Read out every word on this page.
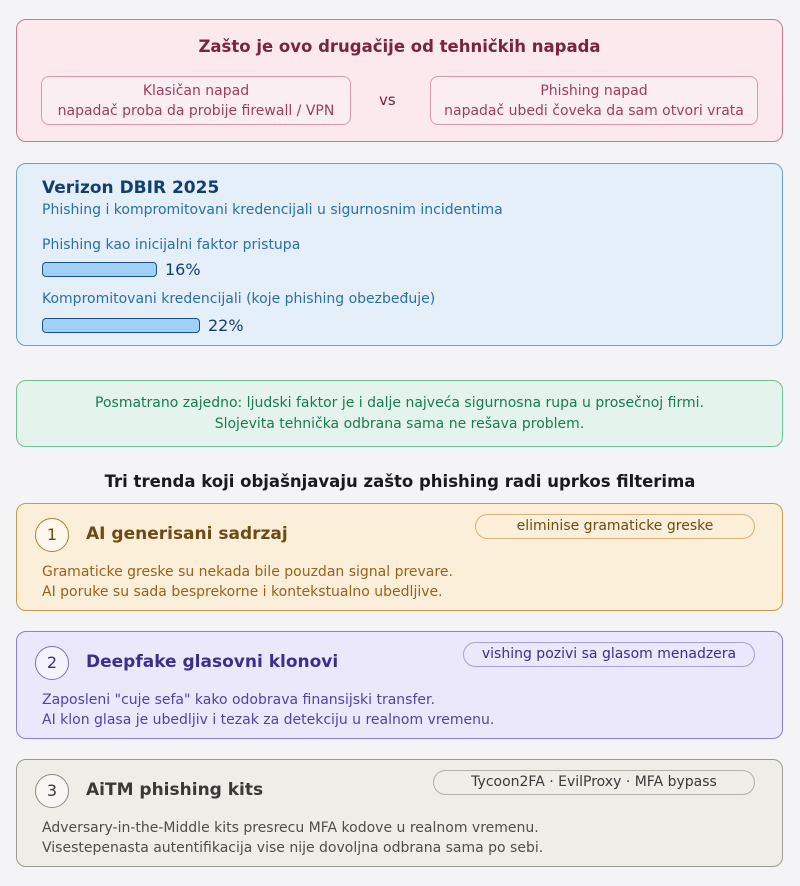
Zašto je ovo drugačije od tehničkih napada
Klasičan napad
napadač proba da probije firewall / VPN
vs	Phishing napad
napadač ubedi čoveka da sam otvori vrata
Verizon DBIR 2025
Phishing i kompromitovani kredencijali u sigurnosnim incidentima
Phishing kao inicijalni faktor pristupa
16%
Kompromitovani kredencijali (koje phishing obezbeđuje)
22%
Posmatrano zajedno: ljudski faktor je i dalje najveća sigurnosna rupa u prosečnoj firmi.
Slojevita tehnička odbrana sama ne rešava problem.
Tri trenda koji objašnjavaju zašto phishing radi uprkos filterima
1	AI generisani sadrzaj	eliminise gramaticke greske
Gramaticke greske su nekada bile pouzdan signal prevare.
AI poruke su sada besprekorne i kontekstualno ubedljive.
2	Deepfake glasovni klonovi	vishing pozivi sa glasom menadzera
Zaposleni "cuje sefa" kako odobrava finansijski transfer.
AI klon glasa je ubedljiv i tezak za detekciju u realnom vremenu.
3	AiTM phishing kits	Tycoon2FA · EvilProxy · MFA bypass
Adversary-in-the-Middle kits presrecu MFA kodove u realnom vremenu.
Visestepenasta autentifikacija vise nije dovoljna odbrana sama po sebi.
